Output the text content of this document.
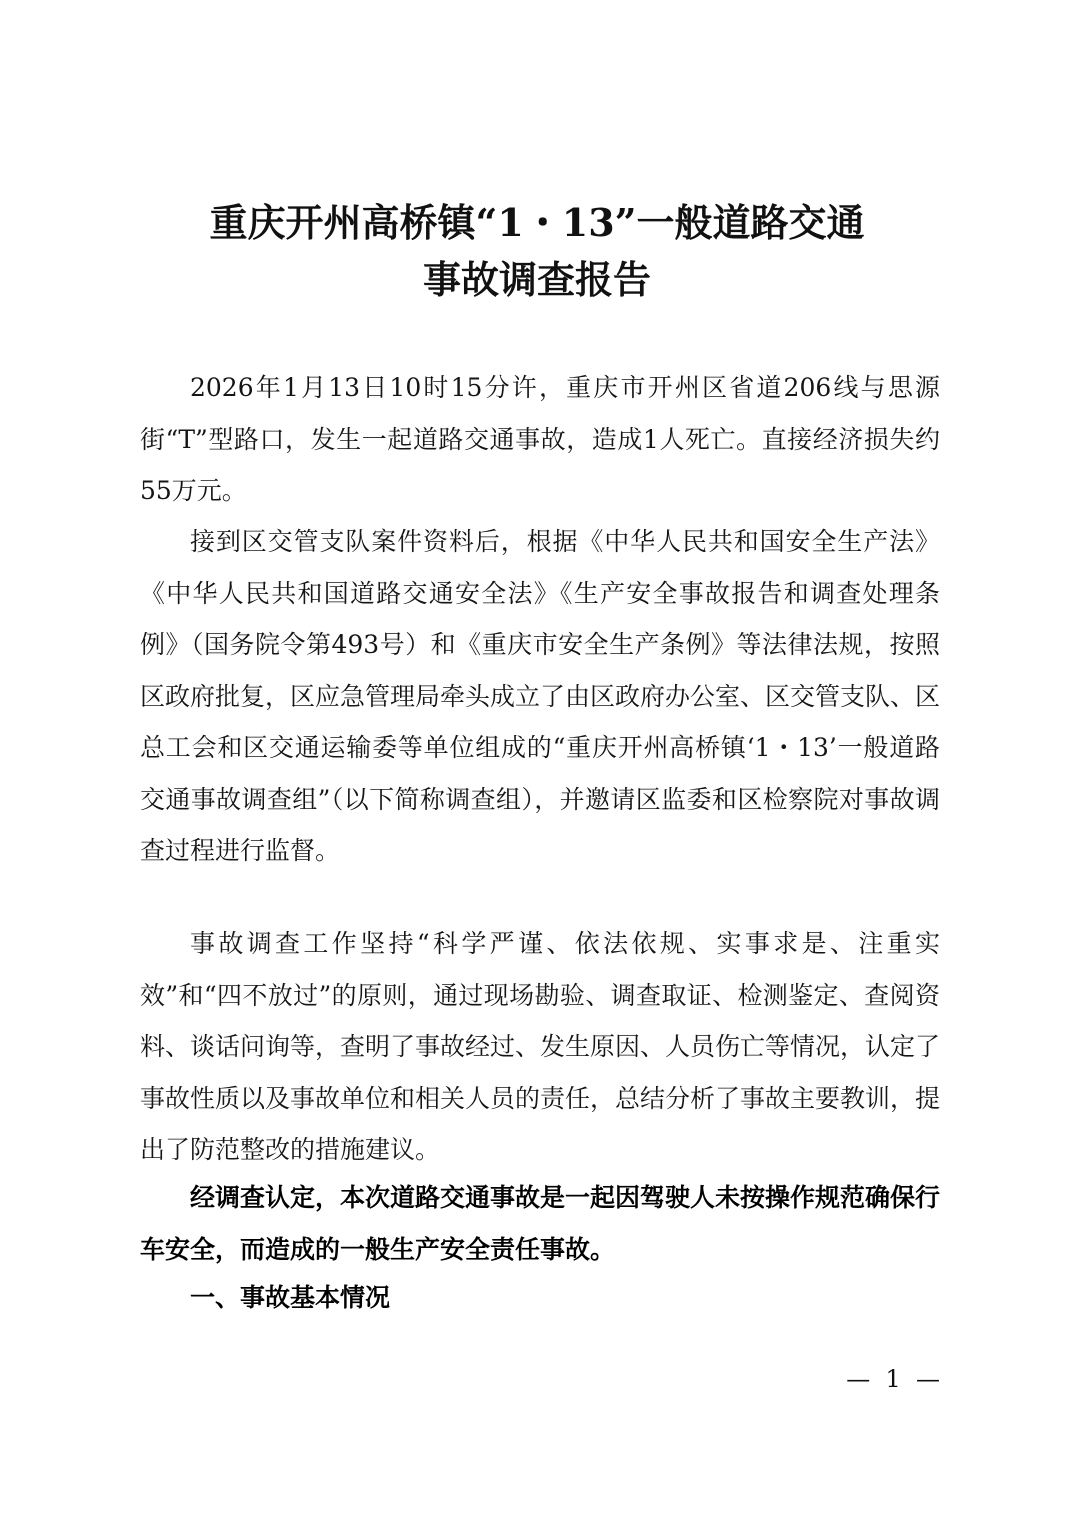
重庆开州高桥镇“1・13”一般道路交通
事故调查报告

2026年1月13日10时15分许，重庆市开州区省道206线与思源街“T”型路口，发生一起道路交通事故，造成1人死亡。直接经济损失约55万元。

接到区交管支队案件资料后，根据《中华人民共和国安全生产法》《中华人民共和国道路交通安全法》《生产安全事故报告和调查处理条例》（国务院令第493号）和《重庆市安全生产条例》等法律法规，按照区政府批复，区应急管理局牵头成立了由区政府办公室、区交管支队、区总工会和区交通运输委等单位组成的“重庆开州高桥镇‘1・13’一般道路交通事故调查组”（以下简称调查组），并邀请区监委和区检察院对事故调查过程进行监督。

事故调查工作坚持“科学严谨、依法依规、实事求是、注重实效”和“四不放过”的原则，通过现场勘验、调查取证、检测鉴定、查阅资料、谈话问询等，查明了事故经过、发生原因、人员伤亡等情况，认定了事故性质以及事故单位和相关人员的责任，总结分析了事故主要教训，提出了防范整改的措施建议。

经调查认定，本次道路交通事故是一起因驾驶人未按操作规范确保行车安全，而造成的一般生产安全责任事故。

一、事故基本情况

—  1  —
